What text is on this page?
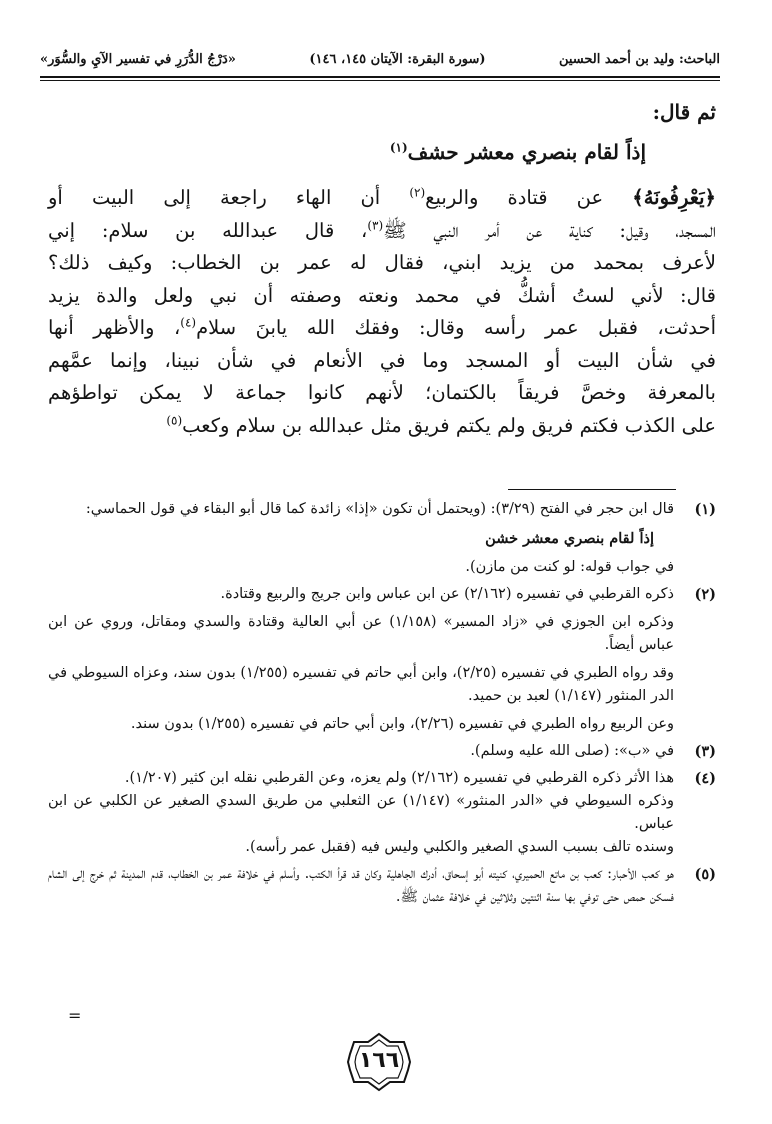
الباحث: وليد بن أحمد الحسين
(سورة البقرة: الآيتان ١٤٥، ١٤٦)
«دَرْجُ الدُّرَرِ في تفسير الآيِ والسُّوَر»
ثم قال:
إذاً لقام بنصري معشر حشف$^{(١)}$

﴿يَعْرِفُونَهُ﴾ عن قتادة والربيع$^{(٢)}$ أن الهاء راجعة إلى البيت أو

المسجد، وقيل: كناية عن أمر النبي ﷺ$^{(٣)}$، قال عبدالله بن سلام: إني

لأعرف بمحمد من يزيد ابني، فقال له عمر بن الخطاب: وكيف ذلك؟

قال: لأني لستُ أشكُّ في محمد ونعته وصفته أن نبي ولعل والدة يزيد

أحدثت، فقبل عمر رأسه وقال: وفقك الله يابنَ سلام$^{(٤)}$، والأظهر أنها

في شأن البيت أو المسجد وما في الأنعام في شأن نبينا، وإنما عمَّهم

بالمعرفة وخصَّ فريقاً بالكتمان؛ لأنهم كانوا جماعة لا يمكن تواطؤهم

على الكذب فكتم فريق ولم يكتم فريق مثل عبدالله بن سلام وكعب$^{(٥)}$

(١)

قال ابن حجر في الفتح (٣/٢٩): (ويحتمل أن تكون «إذا» زائدة كما قال أبو البقاء في قول الحماسي:

إذاً لقام بنصري معشر خشن

في جواب قوله: لو كنت من مازن).

(٢)

ذكره القرطبي في تفسيره (٢/١٦٢) عن ابن عباس وابن جريج والربيع وقتادة.

وذكره ابن الجوزي في «زاد المسير» (١/١٥٨) عن أبي العالية وقتادة والسدي ومقاتل، وروي عن ابن عباس أيضاً.

وقد رواه الطبري في تفسيره (٢/٢٥)، وابن أبي حاتم في تفسيره (١/٢٥٥) بدون سند، وعزاه السيوطي في الدر المنثور (١/١٤٧) لعبد بن حميد.

وعن الربيع رواه الطبري في تفسيره (٢/٢٦)، وابن أبي حاتم في تفسيره (١/٢٥٥) بدون سند.

(٣)

في «ب»: (صلى الله عليه وسلم).

(٤)

هذا الأثر ذكره القرطبي في تفسيره (٢/١٦٢) ولم يعزه، وعن القرطبي نقله ابن كثير (١/٢٠٧).

وذكره السيوطي في «الدر المنثور» (١/١٤٧) عن الثعلبي من طريق السدي الصغير عن الكلبي عن ابن عباس.

وسنده تالف بسبب السدي الصغير والكلبي وليس فيه (فقبل عمر رأسه).

(٥)

هو كعب الأحبار: كعب بن ماتع الحميري، كنيته أبو إسحاق، أدرك الجاهلية وكان قد قرأ الكتب. وأسلم في خلافة عمر بن الخطاب، قدم المدينة ثم خرج إلى الشام فسكن حمص حتى توفي بها سنة اثنتين وثلاثين في خلافة عثمان ﷺ.

=
١٦٦
